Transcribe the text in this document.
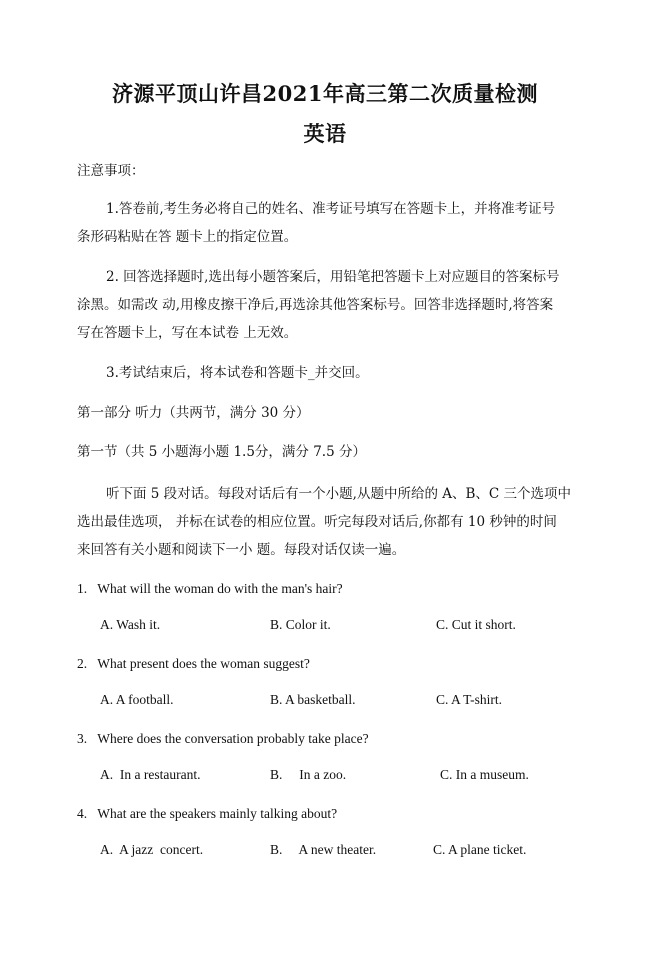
济源平顶山许昌2021年高三第二次质量检测
英语
注意事项：
1.答卷前,考生务必将自己的姓名、准考证号填写在答题卡上，并将准考证号
条形码粘贴在答 题卡上的指定位置。
2. 回答选择题时,选出每小题答案后，用铅笔把答题卡上对应题目的答案标号
涂黑。如需改 动,用橡皮擦干净后,再选涂其他答案标号。回答非选择题时,将答案
写在答题卡上，写在本试卷 上无效。
3.考试结束后，将本试卷和答题卡_并交回。
第一部分 听力（共两节，满分 30 分）
第一节（共 5 小题海小题 1.5分，满分 7.5 分）
听下面 5 段对话。每段对话后有一个小题,从题中所给的 A、B、C 三个选项中
选出最佳选项， 并标在试卷的相应位置。听完每段对话后,你都有 10 秒钟的时间
来回答有关小题和阅读下一小 题。每段对话仅读一遍。
1. What will the woman do with the man's hair?
A. Wash it.	B. Color it.	C. Cut it short.
2. What present does the woman suggest?
A. A football.	B. A basketball.	C. A T-shirt.
3. Where does the conversation probably take place?
A.  In a restaurant.	B.     In a zoo.	C. In a museum.
4. What are the speakers mainly talking about?
A.  A jazz  concert.	B.     A new theater.	C. A plane ticket.
